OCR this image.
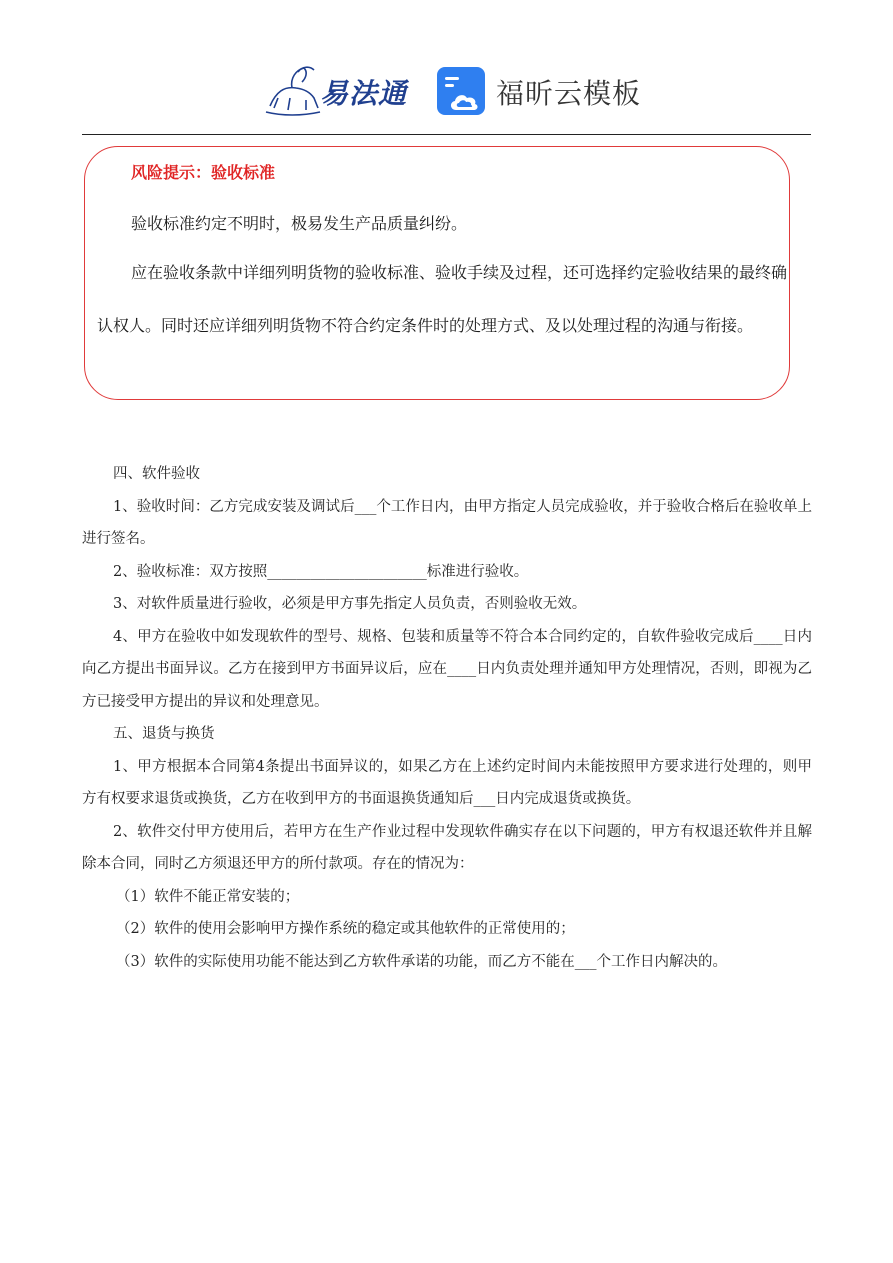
易法通	福昕云模板
风险提示：验收标准
验收标准约定不明时，极易发生产品质量纠纷。
应在验收条款中详细列明货物的验收标准、验收手续及过程，还可选择约定验收结果的最终确认权人。同时还应详细列明货物不符合约定条件时的处理方式、及以处理过程的沟通与衔接。

四、软件验收

1、验收时间：乙方完成安装及调试后___个工作日内，由甲方指定人员完成验收，并于验收合格后在验收单上进行签名。

2、验收标准：双方按照______________________标准进行验收。

3、对软件质量进行验收，必须是甲方事先指定人员负责，否则验收无效。

4、甲方在验收中如发现软件的型号、规格、包装和质量等不符合本合同约定的，自软件验收完成后____日内向乙方提出书面异议。乙方在接到甲方书面异议后，应在____日内负责处理并通知甲方处理情况，否则，即视为乙方已接受甲方提出的异议和处理意见。

五、退货与换货

1、甲方根据本合同第4条提出书面异议的，如果乙方在上述约定时间内未能按照甲方要求进行处理的，则甲方有权要求退货或换货，乙方在收到甲方的书面退换货通知后___日内完成退货或换货。

2、软件交付甲方使用后，若甲方在生产作业过程中发现软件确实存在以下问题的，甲方有权退还软件并且解除本合同，同时乙方须退还甲方的所付款项。存在的情况为：

（1）软件不能正常安装的；

（2）软件的使用会影响甲方操作系统的稳定或其他软件的正常使用的；

（3）软件的实际使用功能不能达到乙方软件承诺的功能，而乙方不能在___个工作日内解决的。
